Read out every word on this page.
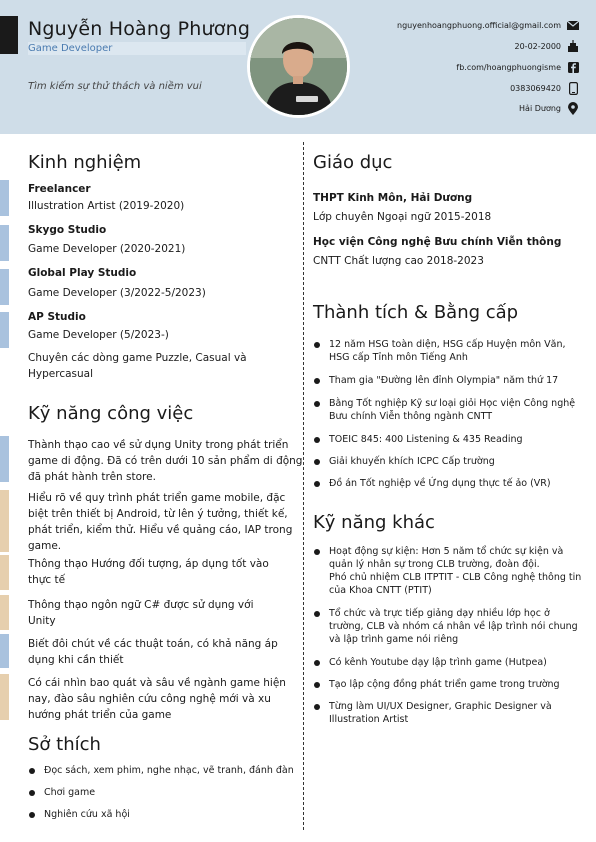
Nguyễn Hoàng Phương
Game Developer
Tìm kiếm sự thử thách và niềm vui
nguyenhoangphuong.official@gmail.com
20-02-2000
fb.com/hoangphuongisme
0383069420
Hải Dương
Kinh nghiệm
Freelancer
Illustration Artist (2019-2020)
Skygo Studio
Game Developer (2020-2021)
Global Play Studio
Game Developer (3/2022-5/2023)
AP Studio
Game Developer (5/2023-)
Chuyên các dòng game Puzzle, Casual và Hypercasual
Kỹ năng công việc
Thành thạo cao về sử dụng Unity trong phát triển game di động. Đã có trên dưới 10 sản phẩm di động đã phát hành trên store.
Hiểu rõ về quy trình phát triển game mobile, đặc biệt trên thiết bị Android, từ lên ý tưởng, thiết kế, phát triển, kiểm thử. Hiểu về quảng cáo, IAP trong game.
Thông thạo Hướng đối tượng, áp dụng tốt vào thực tế
Thông thạo ngôn ngữ C# được sử dụng với Unity
Biết đôi chút về các thuật toán, có khả năng áp dụng khi cần thiết
Có cái nhìn bao quát và sâu về ngành game hiện nay, đào sâu nghiên cứu công nghệ mới và xu hướng phát triển của game
Sở thích
Đọc sách, xem phim, nghe nhạc, vẽ tranh, đánh đàn
Chơi game
Nghiên cứu xã hội
Giáo dục
THPT Kinh Môn, Hải Dương
Lớp chuyên Ngoại ngữ 2015-2018
Học viện Công nghệ Bưu chính Viễn thông
CNTT Chất lượng cao 2018-2023
Thành tích & Bằng cấp
12 năm HSG toàn diện, HSG cấp Huyện môn Văn, HSG cấp Tỉnh môn Tiếng Anh
Tham gia "Đường lên đỉnh Olympia" năm thứ 17
Bằng Tốt nghiệp Kỹ sư loại giỏi Học viện Công nghệ Bưu chính Viễn thông ngành CNTT
TOEIC 845: 400 Listening & 435 Reading
Giải khuyến khích ICPC Cấp trường
Đồ án Tốt nghiệp về Ứng dụng thực tế ảo (VR)
Kỹ năng khác
Hoạt động sự kiện: Hơn 5 năm tổ chức sự kiện và quản lý nhân sự trong CLB trường, đoàn đội.
Phó chủ nhiệm CLB ITPTIT - CLB Công nghệ thông tin của Khoa CNTT (PTIT)
Tổ chức và trực tiếp giảng dạy nhiều lớp học ở trường, CLB và nhóm cá nhân về lập trình nói chung và lập trình game nói riêng
Có kênh Youtube dạy lập trình game (Hutpea)
Tạo lập cộng đồng phát triển game trong trường
Từng làm UI/UX Designer, Graphic Designer và Illustration Artist
